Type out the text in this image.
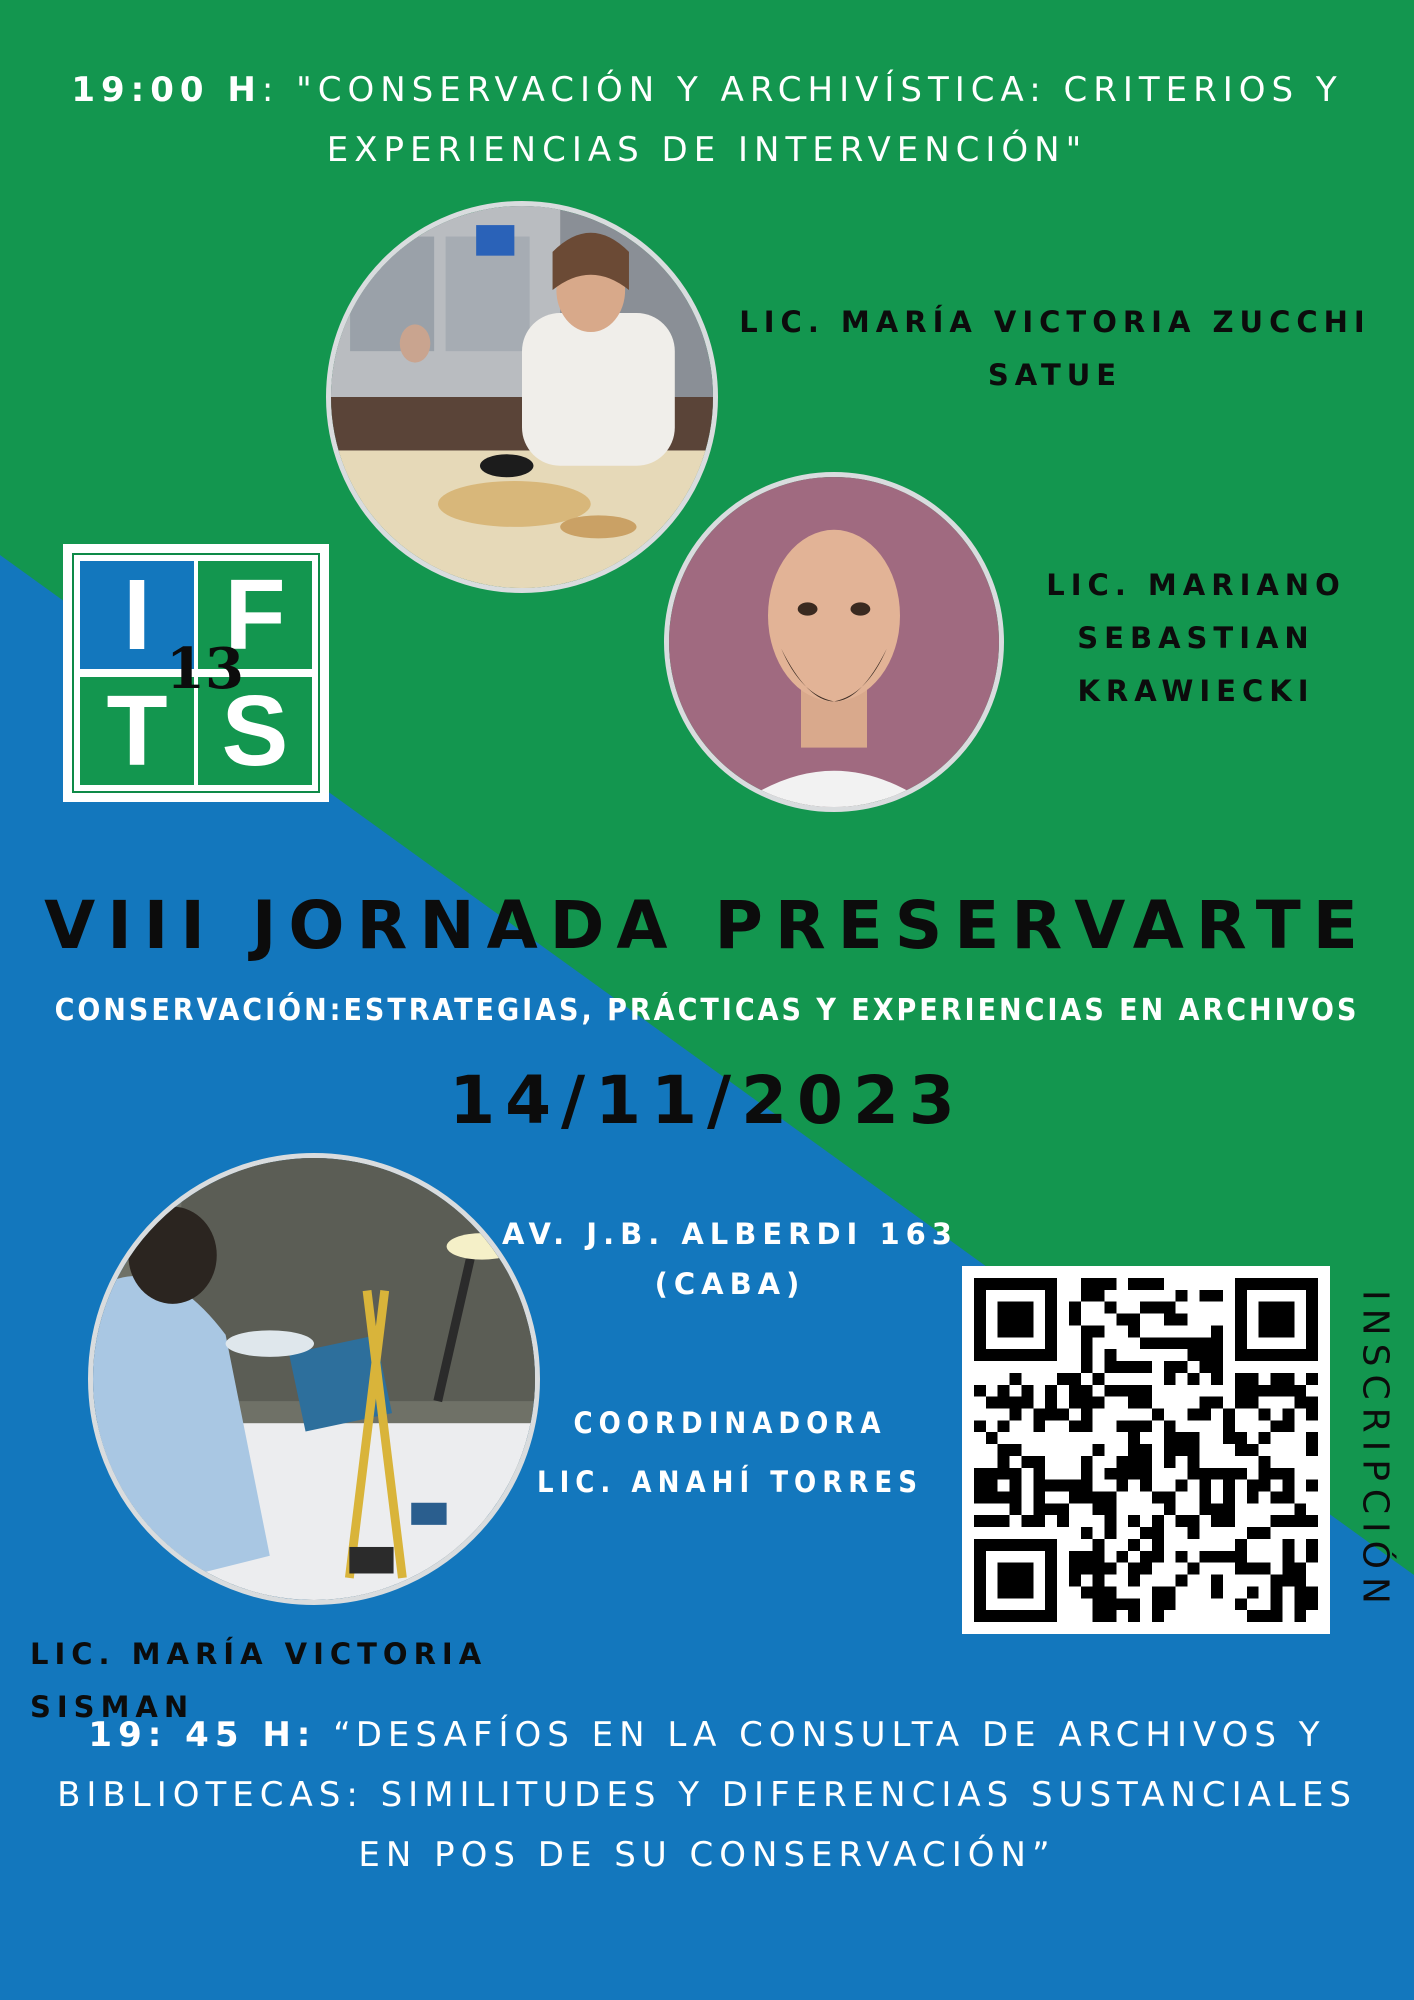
19:00 H: "CONSERVACIÓN Y ARCHIVÍSTICA: CRITERIOS Y
EXPERIENCIAS DE INTERVENCIÓN"
LIC. MARÍA VICTORIA ZUCCHI
SATUE
I F
T S
13
LIC. MARIANO
SEBASTIAN
KRAWIECKI
VIII JORNADA PRESERVARTE
CONSERVACIÓN:ESTRATEGIAS, PRÁCTICAS Y EXPERIENCIAS EN ARCHIVOS
14/11/2023
AV. J.B. ALBERDI 163
(CABA)
COORDINADORA
LIC. ANAHÍ TORRES	INSCRIPCIÓN
LIC. MARÍA VICTORIA SISMAN
19: 45 H: “DESAFÍOS EN LA CONSULTA DE ARCHIVOS Y
BIBLIOTECAS: SIMILITUDES Y DIFERENCIAS SUSTANCIALES
EN POS DE SU CONSERVACIÓN”
